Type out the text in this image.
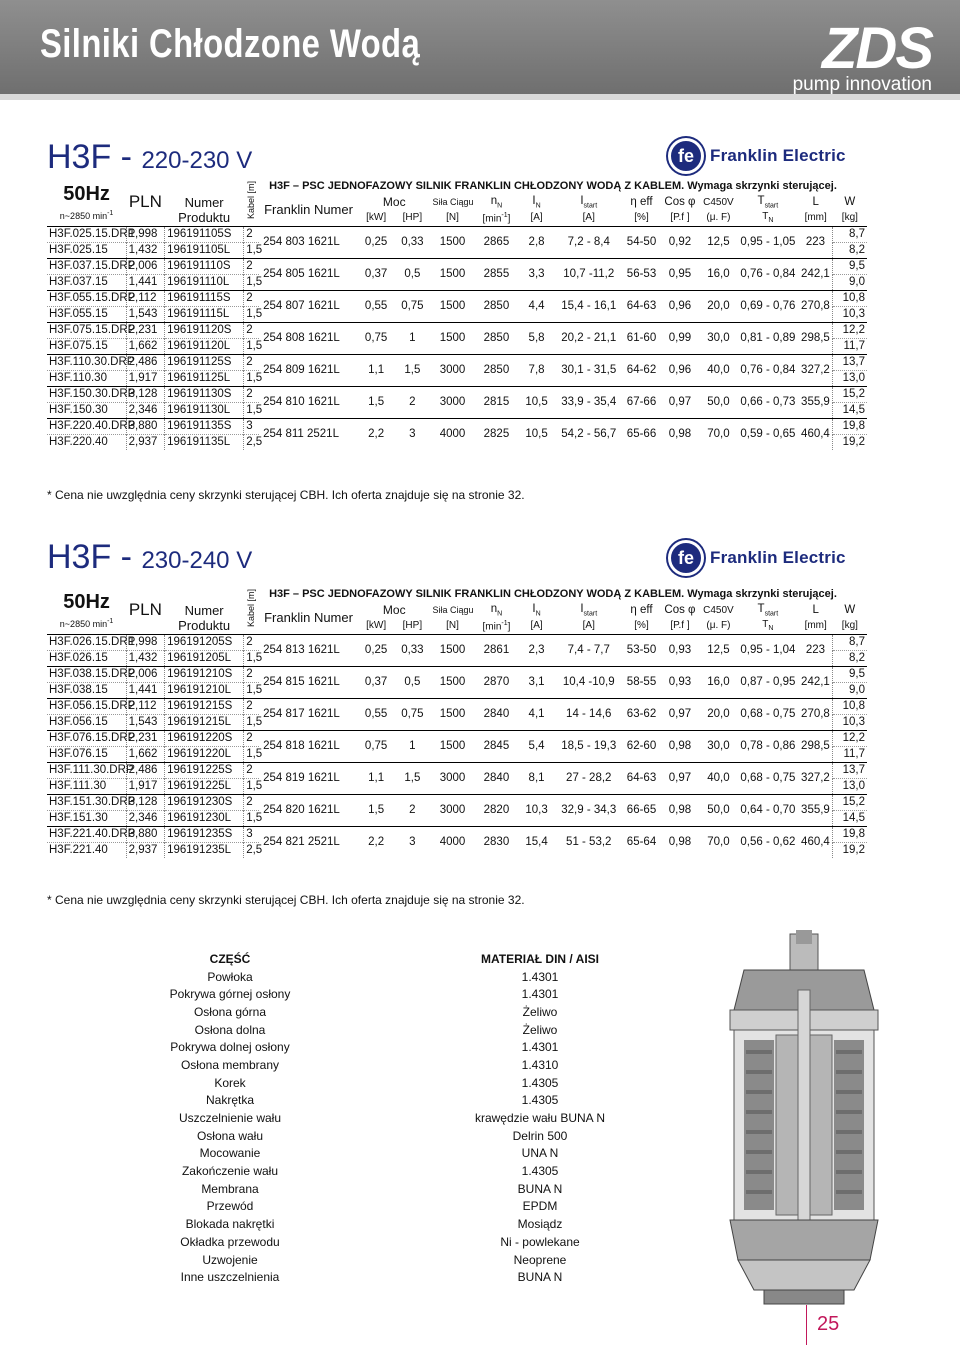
Silniki Chłodzone Wodą	ZDS
pump innovation
H3F - 220-230 V	fe Franklin Electric
50Hz	PLN	Numer	Kabel [m]	H3F – PSC JEDNOFAZOWY SILNIK FRANKLIN CHŁODZONY WODĄ Z KABLEM. Wymaga skrzynki sterującej.												
				Franklin Numer	Moc		Siła Ciągu	$n_N$	$I_N$	$I_{start}$	η eff	Cos φ	C450V	$T_{start}$	L	W
n~2850 $\min^{-1}$		Produktu			[kW]	[HP]	[N]	$[\min^{-1}]$	[A]	[A]	[%]	[P.f ]	(μ. F)	$T_N$	[mm]	[kg]
H3F.025.15.DRP	1,998	196191105S	2	254 803 1621L	0,25	0,33	1500	2865	2,8	7,2 - 8,4	54-50	0,92	12,5	0,95 - 1,05	223	8,7
H3F.025.15	1,432	196191105L	1,5													8,2
H3F.037.15.DRP	2,006	196191110S	2	254 805 1621L	0,37	0,5	1500	2855	3,3	10,7 -11,2	56-53	0,95	16,0	0,76 - 0,84	242,1	9,5
H3F.037.15	1,441	196191110L	1,5													9,0
H3F.055.15.DRP	2,112	196191115S	2	254 807 1621L	0,55	0,75	1500	2850	4,4	15,4 - 16,1	64-63	0,96	20,0	0,69 - 0,76	270,8	10,8
H3F.055.15	1,543	196191115L	1,5													10,3
H3F.075.15.DRP	2,231	196191120S	2	254 808 1621L	0,75	1	1500	2850	5,8	20,2 - 21,1	61-60	0,99	30,0	0,81 - 0,89	298,5	12,2
H3F.075.15	1,662	196191120L	1,5													11,7
H3F.110.30.DRP	2,486	196191125S	2	254 809 1621L	1,1	1,5	3000	2850	7,8	30,1 - 31,5	64-62	0,96	40,0	0,76 - 0,84	327,2	13,7
H3F.110.30	1,917	196191125L	1,5													13,0
H3F.150.30.DRP	3,128	196191130S	2	254 810 1621L	1,5	2	3000	2815	10,5	33,9 - 35,4	67-66	0,97	50,0	0,66 - 0,73	355,9	15,2
H3F.150.30	2,346	196191130L	1,5													14,5
H3F.220.40.DRP	3,880	196191135S	3	254 811 2521L	2,2	3	4000	2825	10,5	54,2 - 56,7	65-66	0,98	70,0	0,59 - 0,65	460,4	19,8
H3F.220.40	2,937	196191135L	2,5													19,2
* Cena nie uwzględnia ceny skrzynki sterującej CBH. Ich oferta znajduje się na stronie 32.
H3F - 230-240 V	fe Franklin Electric
50Hz	PLN	Numer	Kabel [m]	H3F – PSC JEDNOFAZOWY SILNIK FRANKLIN CHŁODZONY WODĄ Z KABLEM. Wymaga skrzynki sterującej.												
				Franklin Numer	Moc		Siła Ciągu	$n_N$	$I_N$	$I_{start}$	η eff	Cos φ	C450V	$T_{start}$	L	W
n~2850 $\min^{-1}$		Produktu			[kW]	[HP]	[N]	$[\min^{-1}]$	[A]	[A]	[%]	[P.f ]	(μ. F)	$T_N$	[mm]	[kg]
H3F.026.15.DRP	1,998	196191205S	2	254 813 1621L	0,25	0,33	1500	2861	2,3	7,4 - 7,7	53-50	0,93	12,5	0,95 - 1,04	223	8,7
H3F.026.15	1,432	196191205L	1,5													8,2
H3F.038.15.DRP	2,006	196191210S	2	254 815 1621L	0,37	0,5	1500	2870	3,1	10,4 -10,9	58-55	0,93	16,0	0,87 - 0,95	242,1	9,5
H3F.038.15	1,441	196191210L	1,5													9,0
H3F.056.15.DRP	2,112	196191215S	2	254 817 1621L	0,55	0,75	1500	2840	4,1	14 - 14,6	63-62	0,97	20,0	0,68 - 0,75	270,8	10,8
H3F.056.15	1,543	196191215L	1,5													10,3
H3F.076.15.DRP	2,231	196191220S	2	254 818 1621L	0,75	1	1500	2845	5,4	18,5 - 19,3	62-60	0,98	30,0	0,78 - 0,86	298,5	12,2
H3F.076.15	1,662	196191220L	1,5													11,7
H3F.111.30.DRP	2,486	196191225S	2	254 819 1621L	1,1	1,5	3000	2840	8,1	27 - 28,2	64-63	0,97	40,0	0,68 - 0,75	327,2	13,7
H3F.111.30	1,917	196191225L	1,5													13,0
H3F.151.30.DRP	3,128	196191230S	2	254 820 1621L	1,5	2	3000	2820	10,3	32,9 - 34,3	66-65	0,98	50,0	0,64 - 0,70	355,9	15,2
H3F.151.30	2,346	196191230L	1,5													14,5
H3F.221.40.DRP	3,880	196191235S	3	254 821 2521L	2,2	3	4000	2830	15,4	51 - 53,2	65-64	0,98	70,0	0,56 - 0,62	460,4	19,8
H3F.221.40	2,937	196191235L	2,5													19,2
* Cena nie uwzględnia ceny skrzynki sterującej CBH. Ich oferta znajduje się na stronie 32.
CZĘŚĆ	MATERIAŁ DIN / AISI
Powłoka	1.4301
Pokrywa górnej osłony	1.4301
Osłona górna	Żeliwo
Osłona dolna	Żeliwo
Pokrywa dolnej osłony	1.4301
Osłona membrany	1.4310
Korek	1.4305
Nakrętka	1.4305
Uszczelnienie wału	krawędzie wału BUNA N
Osłona wału	Delrin 500
Mocowanie	UNA N
Zakończenie wału	1.4305
Membrana	BUNA N
Przewód	EPDM
Blokada nakrętki	Mosiądz
Okładka przewodu	Ni - powlekane
Uzwojenie	Neoprene
Inne uszczelnienia	BUNA N
25
